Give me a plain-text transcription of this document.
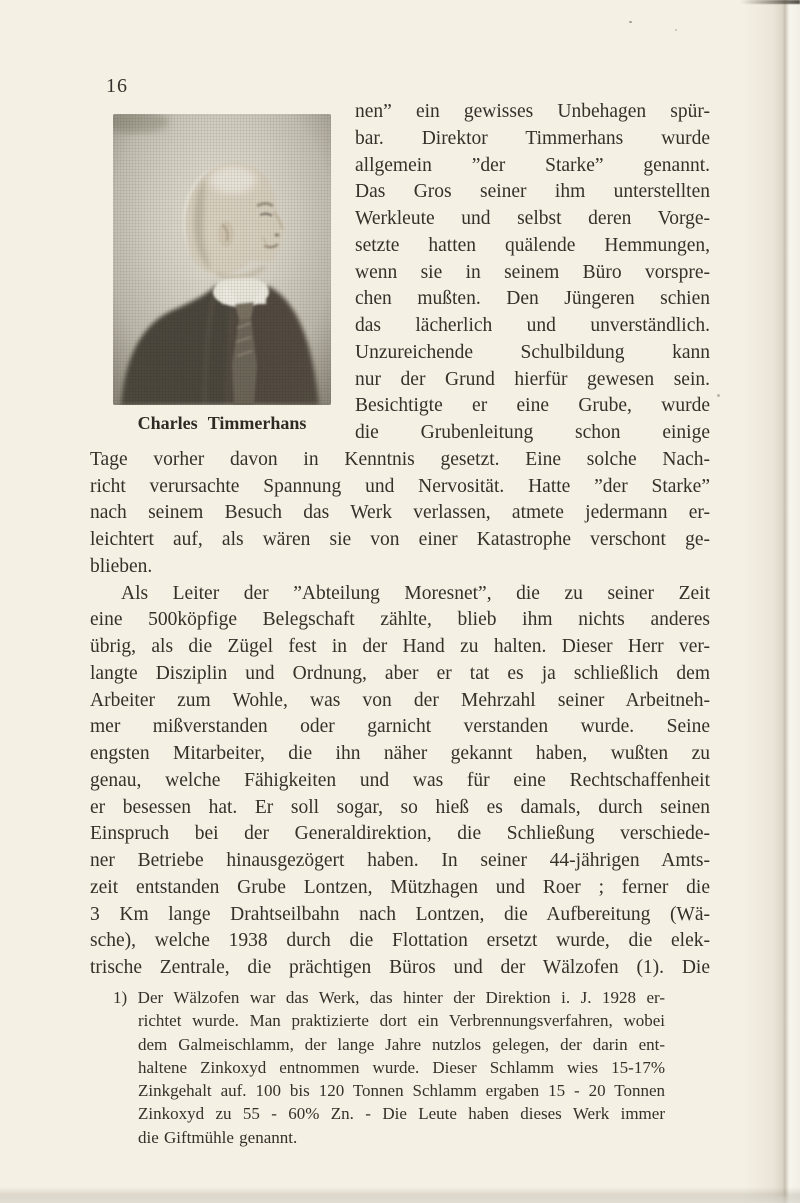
16
Charles Timmerhans
nen” ein gewisses Unbehagen spür-
bar. Direktor Timmerhans wurde
allgemein ”der Starke” genannt.
Das Gros seiner ihm unterstellten
Werkleute und selbst deren Vorge-
setzte hatten quälende Hemmungen,
wenn sie in seinem Büro vorspre-
chen mußten. Den Jüngeren schien
das lächerlich und unverständlich.
Unzureichende Schulbildung kann
nur der Grund hierfür gewesen sein.
Besichtigte er eine Grube, wurde
die Grubenleitung schon einige
Tage vorher davon in Kenntnis gesetzt. Eine solche Nach-
richt verursachte Spannung und Nervosität. Hatte ”der Starke”
nach seinem Besuch das Werk verlassen, atmete jedermann er-
leichtert auf, als wären sie von einer Katastrophe verschont ge-
blieben.
Als Leiter der ”Abteilung Moresnet”, die zu seiner Zeit
eine 500köpfige Belegschaft zählte, blieb ihm nichts anderes
übrig, als die Zügel fest in der Hand zu halten. Dieser Herr ver-
langte Disziplin und Ordnung, aber er tat es ja schließlich dem
Arbeiter zum Wohle, was von der Mehrzahl seiner Arbeitneh-
mer mißverstanden oder garnicht verstanden wurde. Seine
engsten Mitarbeiter, die ihn näher gekannt haben, wußten zu
genau, welche Fähigkeiten und was für eine Rechtschaffenheit
er besessen hat. Er soll sogar, so hieß es damals, durch seinen
Einspruch bei der Generaldirektion, die Schließung verschiede-
ner Betriebe hinausgezögert haben. In seiner 44-jährigen Amts-
zeit entstanden Grube Lontzen, Mützhagen und Roer ; ferner die
3 Km lange Drahtseilbahn nach Lontzen, die Aufbereitung (Wä-
sche), welche 1938 durch die Flottation ersetzt wurde, die elek-
trische Zentrale, die prächtigen Büros und der Wälzofen (1). Die
1) Der Wälzofen war das Werk, das hinter der Direktion i. J. 1928 er-
richtet wurde. Man praktizierte dort ein Verbrennungsverfahren, wobei
dem Galmeischlamm, der lange Jahre nutzlos gelegen, der darin ent-
haltene Zinkoxyd entnommen wurde. Dieser Schlamm wies 15-17%
Zinkgehalt auf. 100 bis 120 Tonnen Schlamm ergaben 15 - 20 Tonnen
Zinkoxyd zu 55 - 60% Zn. - Die Leute haben dieses Werk immer
die Giftmühle genannt.
